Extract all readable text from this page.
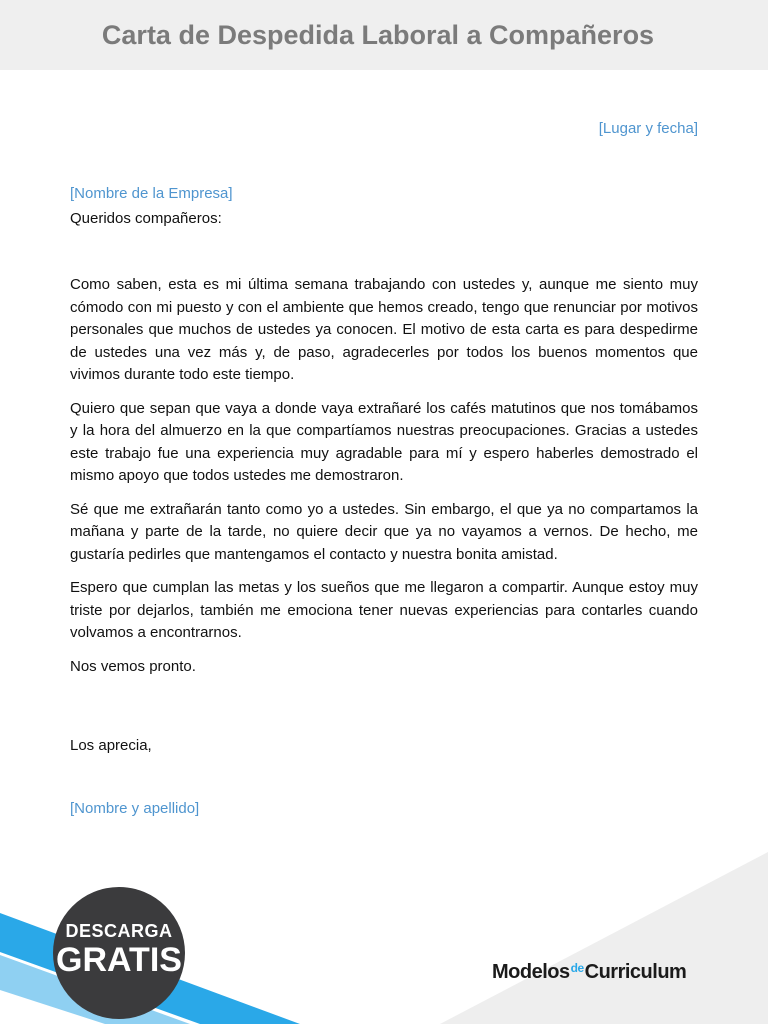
Carta de Despedida Laboral a Compañeros
[Lugar y fecha]
[Nombre de la Empresa]
Queridos compañeros:

Como saben, esta es mi última semana trabajando con ustedes y, aunque me siento muy cómodo con mi puesto y con el ambiente que hemos creado, tengo que renunciar por motivos personales que muchos de ustedes ya conocen. El motivo de esta carta es para despedirme de ustedes una vez más y, de paso, agradecerles por todos los buenos momentos que vivimos durante todo este tiempo.

Quiero que sepan que vaya a donde vaya extrañaré los cafés matutinos que nos tomábamos y la hora del almuerzo en la que compartíamos nuestras preocupaciones. Gracias a ustedes este trabajo fue una experiencia muy agradable para mí y espero haberles demostrado el mismo apoyo que todos ustedes me demostraron.

Sé que me extrañarán tanto como yo a ustedes. Sin embargo, el que ya no compartamos la mañana y parte de la tarde, no quiere decir que ya no vayamos a vernos. De hecho, me gustaría pedirles que mantengamos el contacto y nuestra bonita amistad.

Espero que cumplan las metas y los sueños que me llegaron a compartir. Aunque estoy muy triste por dejarlos, también me emociona tener nuevas experiencias para contarles cuando volvamos a encontrarnos.

Nos vemos pronto.

Los aprecia,
[Nombre y apellido]
DESCARGA
GRATIS	Modelos$^{de}$Curriculum
